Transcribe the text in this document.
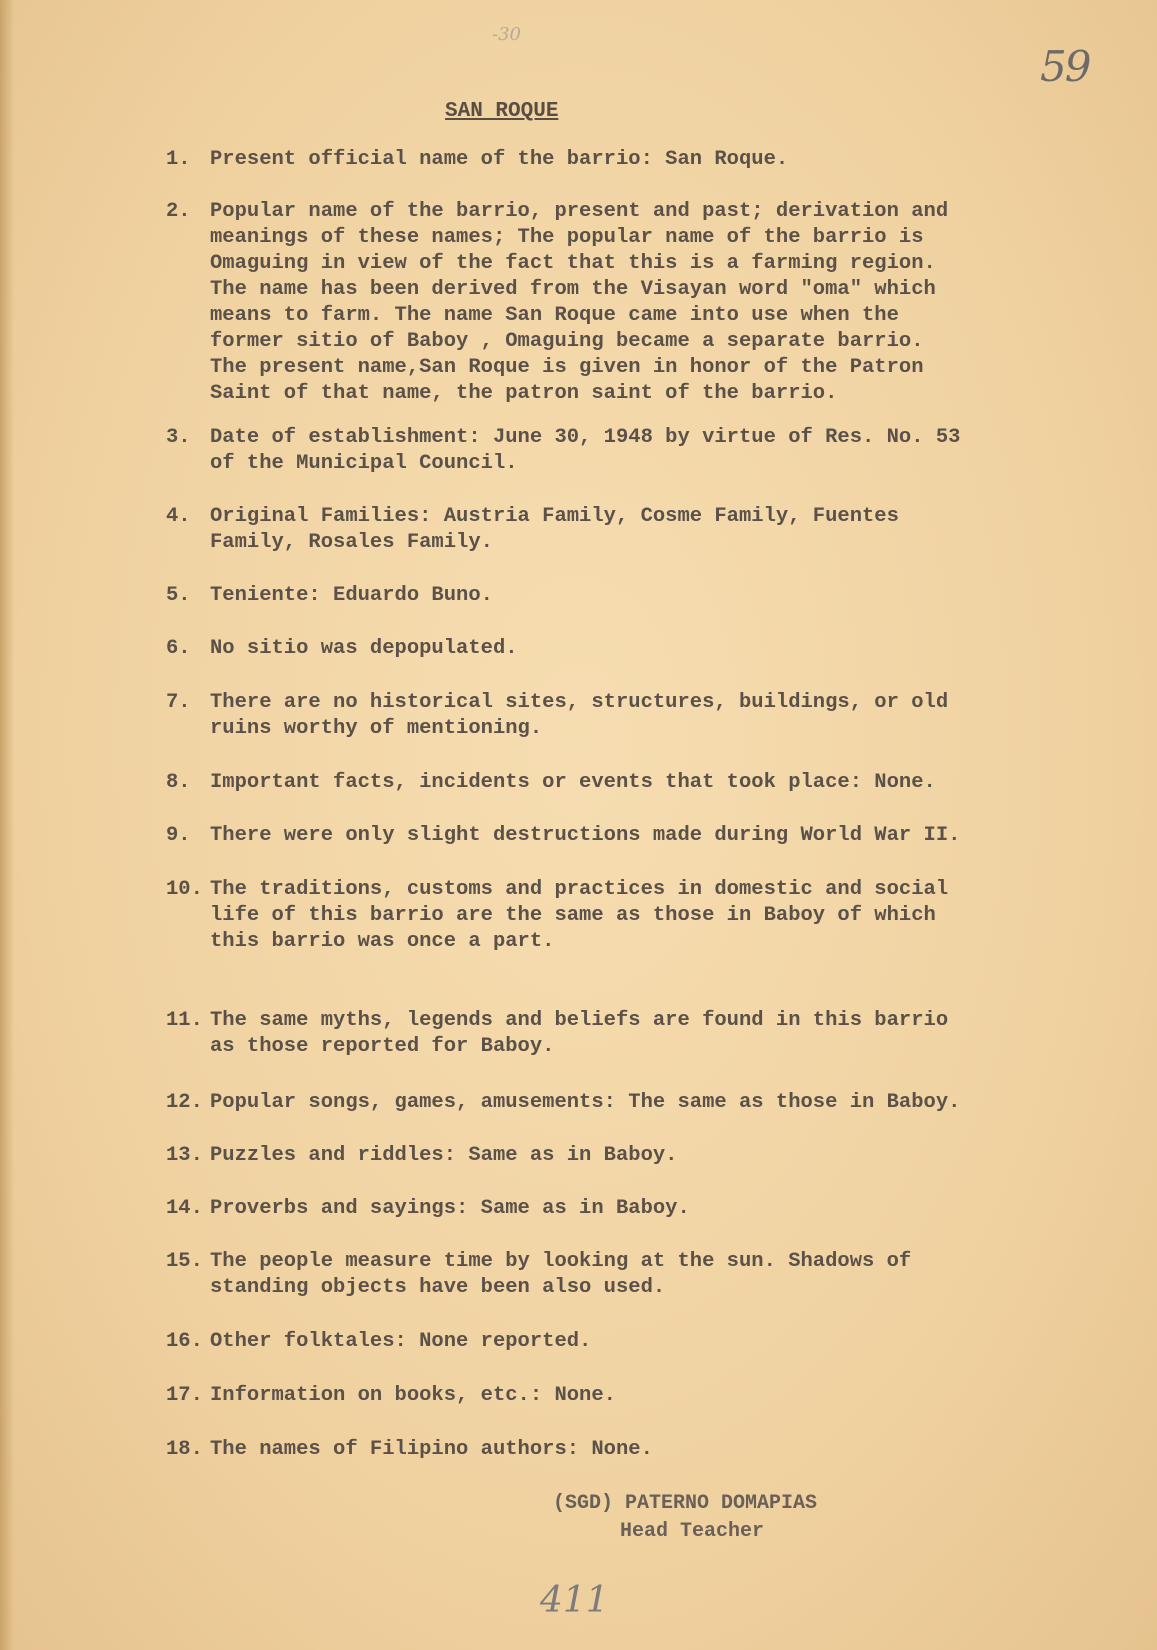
-30
59
SAN ROQUE
1. Present official name of the barrio: San Roque.
2. Popular name of the barrio, present and past; derivation and
meanings of these names; The popular name of the barrio is
Omaguing in view of the fact that this is a farming region.
The name has been derived from the Visayan word "oma" which
means to farm. The name San Roque came into use when the
former sitio of Baboy , Omaguing became a separate barrio.
The present name,San Roque is given in honor of the Patron
Saint of that name, the patron saint of the barrio.
3. Date of establishment: June 30, 1948 by virtue of Res. No. 53
of the Municipal Council.
4. Original Families: Austria Family, Cosme Family, Fuentes
Family, Rosales Family.
5. Teniente: Eduardo Buno.
6. No sitio was depopulated.
7. There are no historical sites, structures, buildings, or old
ruins worthy of mentioning.
8. Important facts, incidents or events that took place: None.
9. There were only slight destructions made during World War II.
10. The traditions, customs and practices in domestic and social
life of this barrio are the same as those in Baboy of which
this barrio was once a part.
11. The same myths, legends and beliefs are found in this barrio
as those reported for Baboy.
12. Popular songs, games, amusements: The same as those in Baboy.
13. Puzzles and riddles: Same as in Baboy.
14. Proverbs and sayings: Same as in Baboy.
15. The people measure time by looking at the sun. Shadows of
standing objects have been also used.
16. Other folktales: None reported.
17. Information on books, etc.: None.
18. The names of Filipino authors: None.
(SGD) PATERNO DOMAPIAS
Head Teacher
411
